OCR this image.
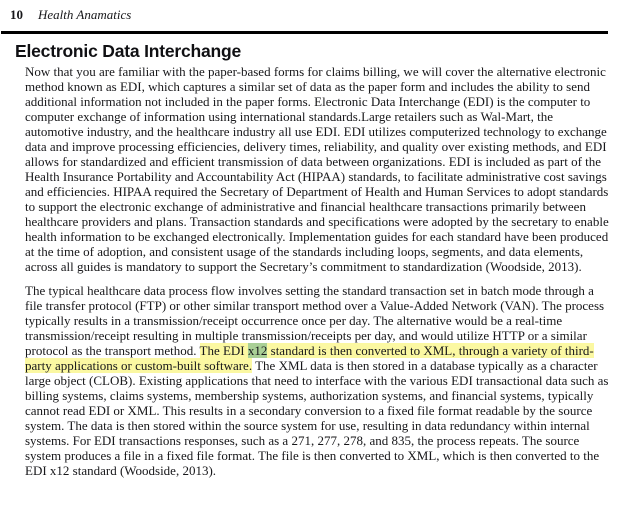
10 Health Anamatics
Electronic Data Interchange

Now that you are familiar with the paper-based forms for claims billing, we will cover the alternative electronic method known as EDI, which captures a similar set of data as the paper form and includes the ability to send additional information not included in the paper forms. Electronic Data Interchange (EDI) is the computer to computer exchange of information using international standards.Large retailers such as Wal-Mart, the automotive industry, and the healthcare industry all use EDI. EDI utilizes computerized technology to exchange data and improve processing efficiencies, delivery times, reliability, and quality over existing methods, and EDI allows for standardized and efficient transmission of data between organizations. EDI is included as part of the Health Insurance Portability and Accountability Act (HIPAA) standards, to facilitate administrative cost savings and efficiencies. HIPAA required the Secretary of Department of Health and Human Services to adopt standards to support the electronic exchange of administrative and financial healthcare transactions primarily between healthcare providers and plans. Transaction standards and specifications were adopted by the secretary to enable health information to be exchanged electronically. Implementation guides for each standard have been produced at the time of adoption, and consistent usage of the standards including loops, segments, and data elements, across all guides is mandatory to support the Secretary’s commitment to standardization (Woodside, 2013).

The typical healthcare data process flow involves setting the standard transaction set in batch mode through a file transfer protocol (FTP) or other similar transport method over a Value-Added Network (VAN). The process typically results in a transmission/receipt occurrence once per day. The alternative would be a real-time transmission/receipt resulting in multiple transmission/receipts per day, and would utilize HTTP or a similar protocol as the transport method. The EDI x12 standard is then converted to XML, through a variety of third-party applications or custom-built software. The XML data is then stored in a database typically as a character large object (CLOB). Existing applications that need to interface with the various EDI transactional data such as billing systems, claims systems, membership systems, authorization systems, and financial systems, typically cannot read EDI or XML. This results in a secondary conversion to a fixed file format readable by the source system. The data is then stored within the source system for use, resulting in data redundancy within internal systems. For EDI transactions responses, such as a 271, 277, 278, and 835, the process repeats. The source system produces a file in a fixed file format. The file is then converted to XML, which is then converted to the EDI x12 standard (Woodside, 2013).
